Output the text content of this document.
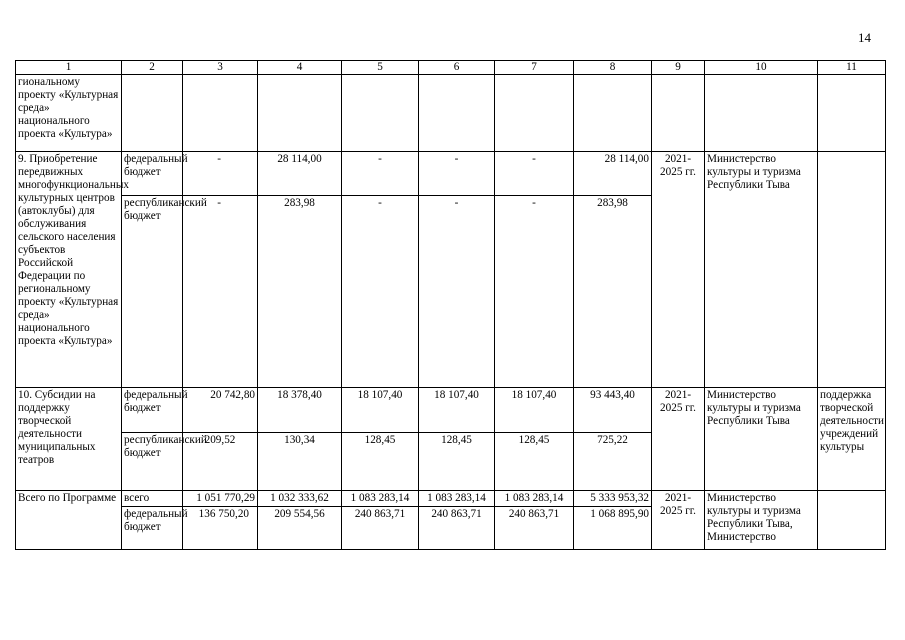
14
1	2	3	4	5	6	7	8	9	10	11
гиональному проекту «Культурная среда» национального проекта «Культура»										
9. Приобретение передвижных многофункциональных культурных центров (автоклубы) для обслуживания сельского населения субъектов Российской Федерации по региональному проекту «Культурная среда» национального проекта «Культура»	федеральный бюджет	-	28 114,00	-	-	-	28 114,00	2021-2025 гг.	Министерство культуры и туризма Республики Тыва	
	республиканский бюджет	-	283,98	-	-	-	283,98			
10. Субсидии на поддержку творческой деятельности муниципальных театров	федеральный бюджет	20 742,80	18 378,40	18 107,40	18 107,40	18 107,40	93 443,40	2021-2025 гг.	Министерство культуры и туризма Республики Тыва	поддержка творческой деятельности учреждений культуры
	республиканский бюджет	209,52	130,34	128,45	128,45	128,45	725,22			
Всего по Программе	всего	1 051 770,29	1 032 333,62	1 083 283,14	1 083 283,14	1 083 283,14	5 333 953,32	2021-2025 гг.	Министерство культуры и туризма Республики Тыва, Министерство	
	федеральный бюджет	136 750,20	209 554,56	240 863,71	240 863,71	240 863,71	1 068 895,90			
